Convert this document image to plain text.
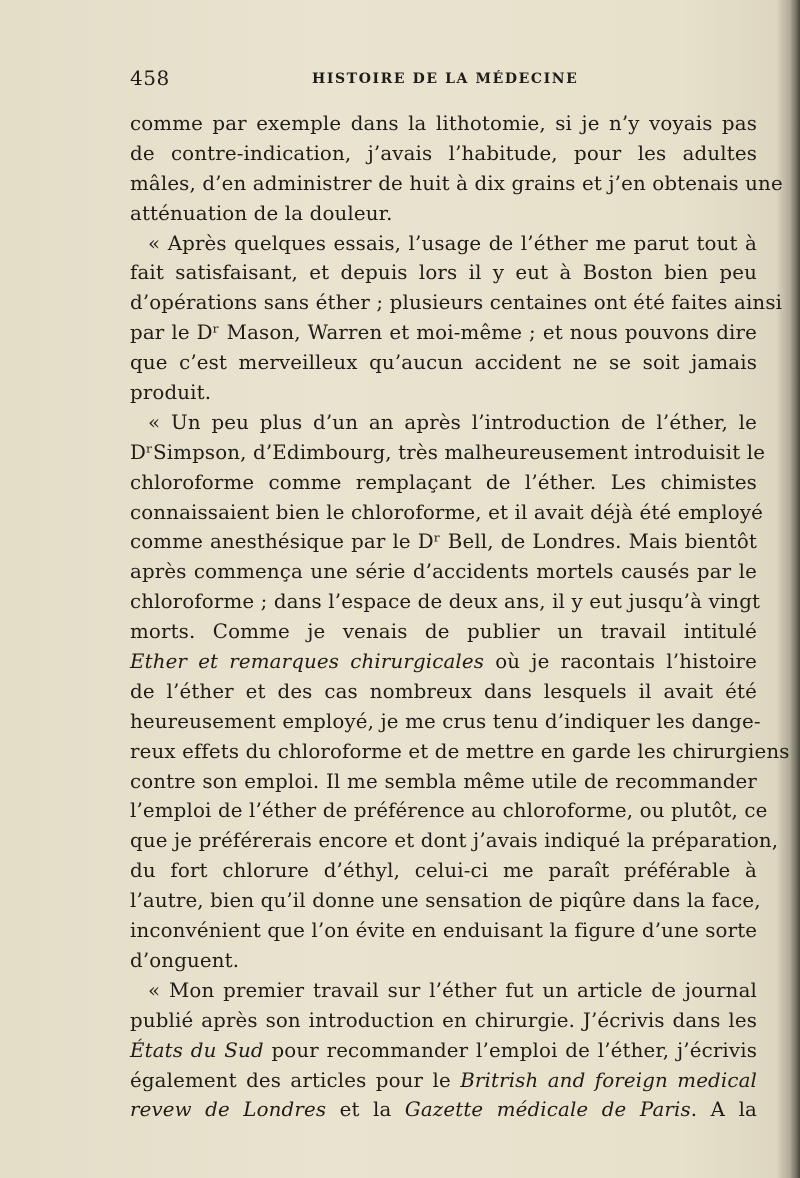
458	HISTOIRE DE LA MÉDECINE
comme par exemple dans la lithotomie, si je n’y voyais pas
de contre-indication, j’avais l’habitude, pour les adultes
mâles, d’en administrer de huit à dix grains et j’en obtenais une
atténuation de la douleur.
« Après quelques essais, l’usage de l’éther me parut tout à
fait satisfaisant, et depuis lors il y eut à Boston bien peu
d’opérations sans éther ; plusieurs centaines ont été faites ainsi
par le Dʳ Mason, Warren et moi-même ; et nous pouvons dire
que c’est merveilleux qu’aucun accident ne se soit jamais
produit.
« Un peu plus d’un an après l’introduction de l’éther, le
DʳSimpson, d’Edimbourg, très malheureusement introduisit le
chloroforme comme remplaçant de l’éther. Les chimistes
connaissaient bien le chloroforme, et il avait déjà été employé
comme anesthésique par le Dʳ Bell, de Londres. Mais bientôt
après commença une série d’accidents mortels causés par le
chloroforme ; dans l’espace de deux ans, il y eut jusqu’à vingt
morts. Comme je venais de publier un travail intitulé
Ether et remarques chirurgicales où je racontais l’histoire
de l’éther et des cas nombreux dans lesquels il avait été
heureusement employé, je me crus tenu d’indiquer les dange-
reux effets du chloroforme et de mettre en garde les chirurgiens
contre son emploi. Il me sembla même utile de recommander
l’emploi de l’éther de préférence au chloroforme, ou plutôt, ce
que je préférerais encore et dont j’avais indiqué la préparation,
du fort chlorure d’éthyl, celui-ci me paraît préférable à
l’autre, bien qu’il donne une sensation de piqûre dans la face,
inconvénient que l’on évite en enduisant la figure d’une sorte
d’onguent.
« Mon premier travail sur l’éther fut un article de journal
publié après son introduction en chirurgie. J’écrivis dans les
États du Sud pour recommander l’emploi de l’éther, j’écrivis
également des articles pour le Britrish and foreign medical
revew de Londres et la Gazette médicale de Paris. A la
